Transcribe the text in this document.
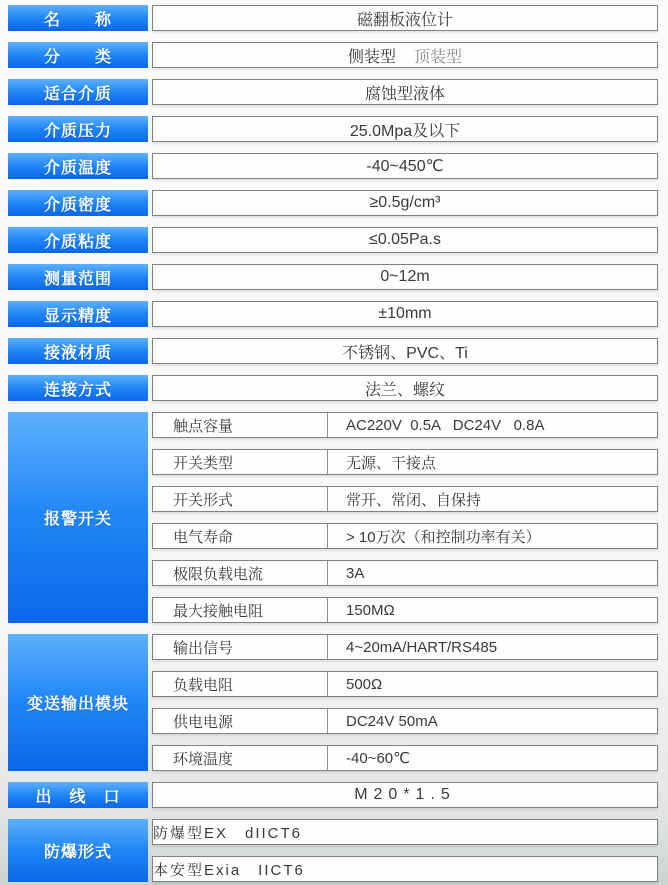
名　　称	磁翻板液位计
分　　类	侧装型 顶装型
适合介质	腐蚀型液体
介质压力	25.0Mpa及以下
介质温度	-40~450℃
介质密度	≥0.5g/cm³
介质粘度	≤0.05Pa.s
测量范围	0~12m
显示精度	±10mm
接液材质	不锈钢、PVC、Ti
连接方式	法兰、螺纹
报警开关
触点容量	AC220V  0.5A   DC24V   0.8A
开关类型	无源、干接点
开关形式	常开、常闭、自保持
电气寿命	> 10万次（和控制功率有关）
极限负载电流	3A
最大接触电阻	150MΩ
变送输出模块
输出信号	4~20mA/HART/RS485
负载电阻	500Ω
供电电源	DC24V 50mA
环境温度	-40~60℃
出　线　口	M20*1.5
防爆形式
防爆型EX　dIICT6
本安型Exia　IICT6
